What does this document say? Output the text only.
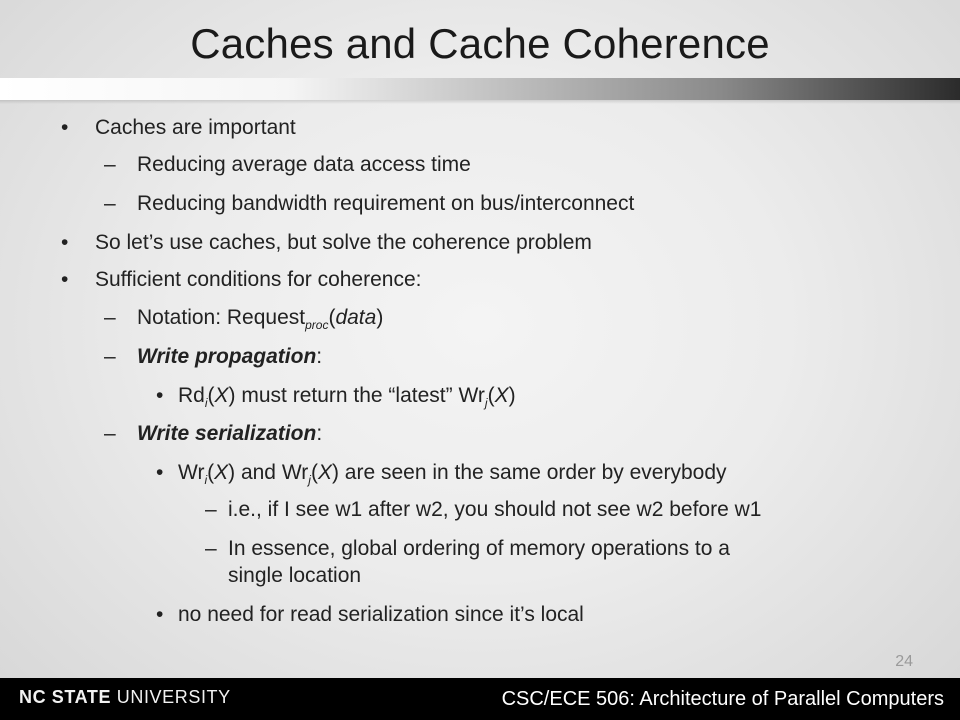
Caches and Cache Coherence
• Caches are important
– Reducing average data access time
– Reducing bandwidth requirement on bus/interconnect
• So let’s use caches, but solve the coherence problem
• Sufficient conditions for coherence:
– Notation: Request$_{proc}$(data)
– Write propagation:
• $Rd_i(X)$ must return the “latest” $Wr_j(X)$
– Write serialization:
• $Wr_i(X)$ and $Wr_j(X)$ are seen in the same order by everybody
– i.e., if I see w1 after w2, you should not see w2 before w1
– In essence, global ordering of memory operations to a
single location
• no need for read serialization since it’s local
24
NC STATE UNIVERSITY	CSC/ECE 506: Architecture of Parallel Computers
